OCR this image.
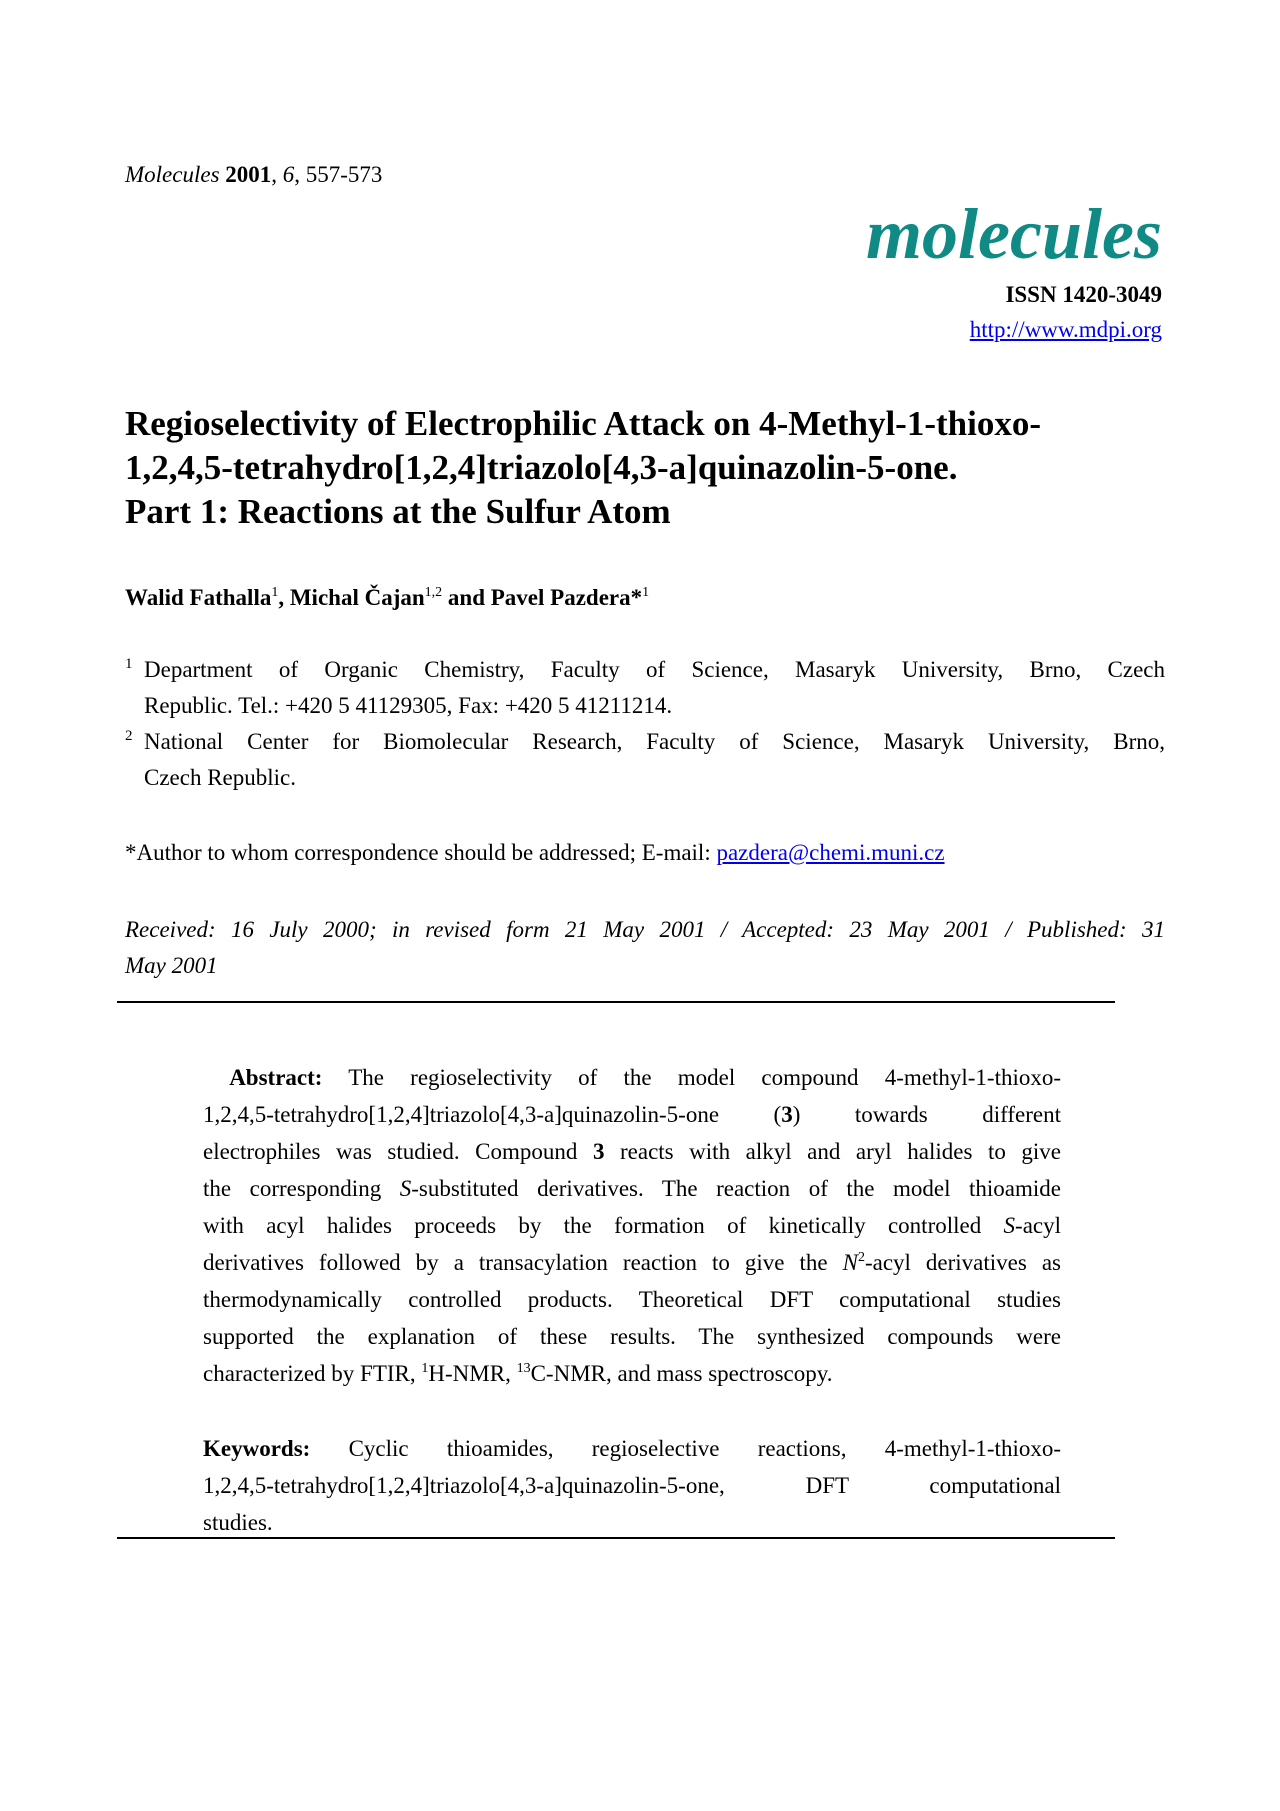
Molecules 2001, 6, 557-573
molecules
ISSN 1420-3049
http://www.mdpi.org
Regioselectivity of Electrophilic Attack on 4-Methyl-1-thioxo-
1,2,4,5-tetrahydro[1,2,4]triazolo[4,3-a]quinazolin-5-one.
Part 1: Reactions at the Sulfur Atom
Walid Fathalla$^1$, Michal Čajan$^{1,2}$ and Pavel Pazdera*$^1$
1 Department of Organic Chemistry, Faculty of Science, Masaryk University, Brno, Czech
Republic. Tel.: +420 5 41129305, Fax: +420 5 41211214.
2 National Center for Biomolecular Research, Faculty of Science, Masaryk University, Brno,
Czech Republic.
*Author to whom correspondence should be addressed; E-mail: pazdera@chemi.muni.cz
Received: 16 July 2000; in revised form 21 May 2001 / Accepted: 23 May 2001 / Published: 31
May 2001
Abstract: The regioselectivity of the model compound 4-methyl-1-thioxo-
1,2,4,5-tetrahydro[1,2,4]triazolo[4,3-a]quinazolin-5-one (3) towards different
electrophiles was studied. Compound 3 reacts with alkyl and aryl halides to give
the corresponding S-substituted derivatives. The reaction of the model thioamide
with acyl halides proceeds by the formation of kinetically controlled S-acyl
derivatives followed by a transacylation reaction to give the $N^2$-acyl derivatives as
thermodynamically controlled products. Theoretical DFT computational studies
supported the explanation of these results. The synthesized compounds were
characterized by FTIR, $^1$H-NMR, $^{13}$C-NMR, and mass spectroscopy.
Keywords: Cyclic thioamides, regioselective reactions, 4-methyl-1-thioxo-
1,2,4,5-tetrahydro[1,2,4]triazolo[4,3-a]quinazolin-5-one, DFT computational
studies.
